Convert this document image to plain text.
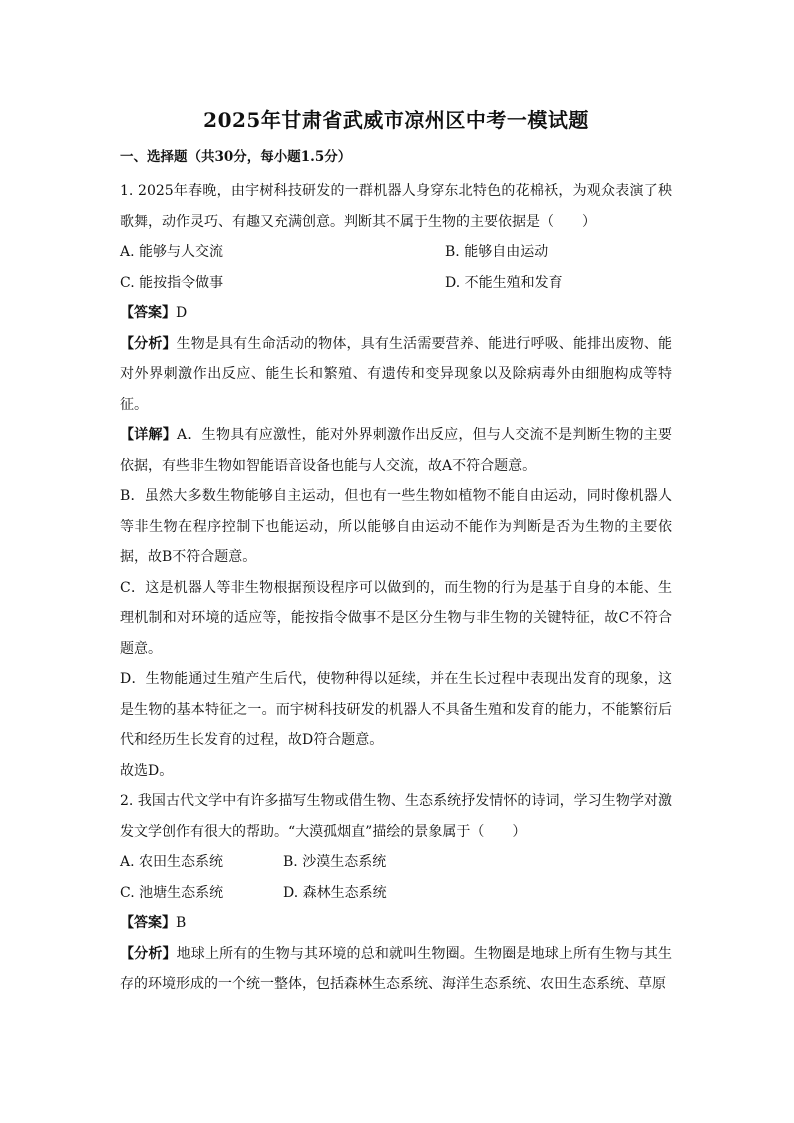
2025年甘肃省武威市凉州区中考一模试题
一、选择题（共30分，每小题1.5分）

1. 2025年春晚，由宇树科技研发的一群机器人身穿东北特色的花棉袄，为观众表演了秧歌舞，动作灵巧、有趣又充满创意。判断其不属于生物的主要依据是（　　）

A. 能够与人交流	B. 能够自由运动
C. 能按指令做事	D. 不能生殖和发育

【答案】D

【分析】生物是具有生命活动的物体，具有生活需要营养、能进行呼吸、能排出废物、能对外界刺激作出反应、能生长和繁殖、有遗传和变异现象以及除病毒外由细胞构成等特征。

【详解】A．生物具有应激性，能对外界刺激作出反应，但与人交流不是判断生物的主要依据，有些非生物如智能语音设备也能与人交流，故A不符合题意。

B．虽然大多数生物能够自主运动，但也有一些生物如植物不能自由运动，同时像机器人等非生物在程序控制下也能运动，所以能够自由运动不能作为判断是否为生物的主要依据，故B不符合题意。

C．这是机器人等非生物根据预设程序可以做到的，而生物的行为是基于自身的本能、生理机制和对环境的适应等，能按指令做事不是区分生物与非生物的关键特征，故C不符合题意。

D．生物能通过生殖产生后代，使物种得以延续，并在生长过程中表现出发育的现象，这是生物的基本特征之一。而宇树科技研发的机器人不具备生殖和发育的能力，不能繁衍后代和经历生长发育的过程，故D符合题意。

故选D。

2. 我国古代文学中有许多描写生物或借生物、生态系统抒发情怀的诗词，学习生物学对激发文学创作有很大的帮助。“大漠孤烟直”描绘的景象属于（　　）

A. 农田生态系统	B. 沙漠生态系统
C. 池塘生态系统	D. 森林生态系统

【答案】B

【分析】地球上所有的生物与其环境的总和就叫生物圈。生物圈是地球上所有生物与其生存的环境形成的一个统一整体，包括森林生态系统、海洋生态系统、农田生态系统、草原
